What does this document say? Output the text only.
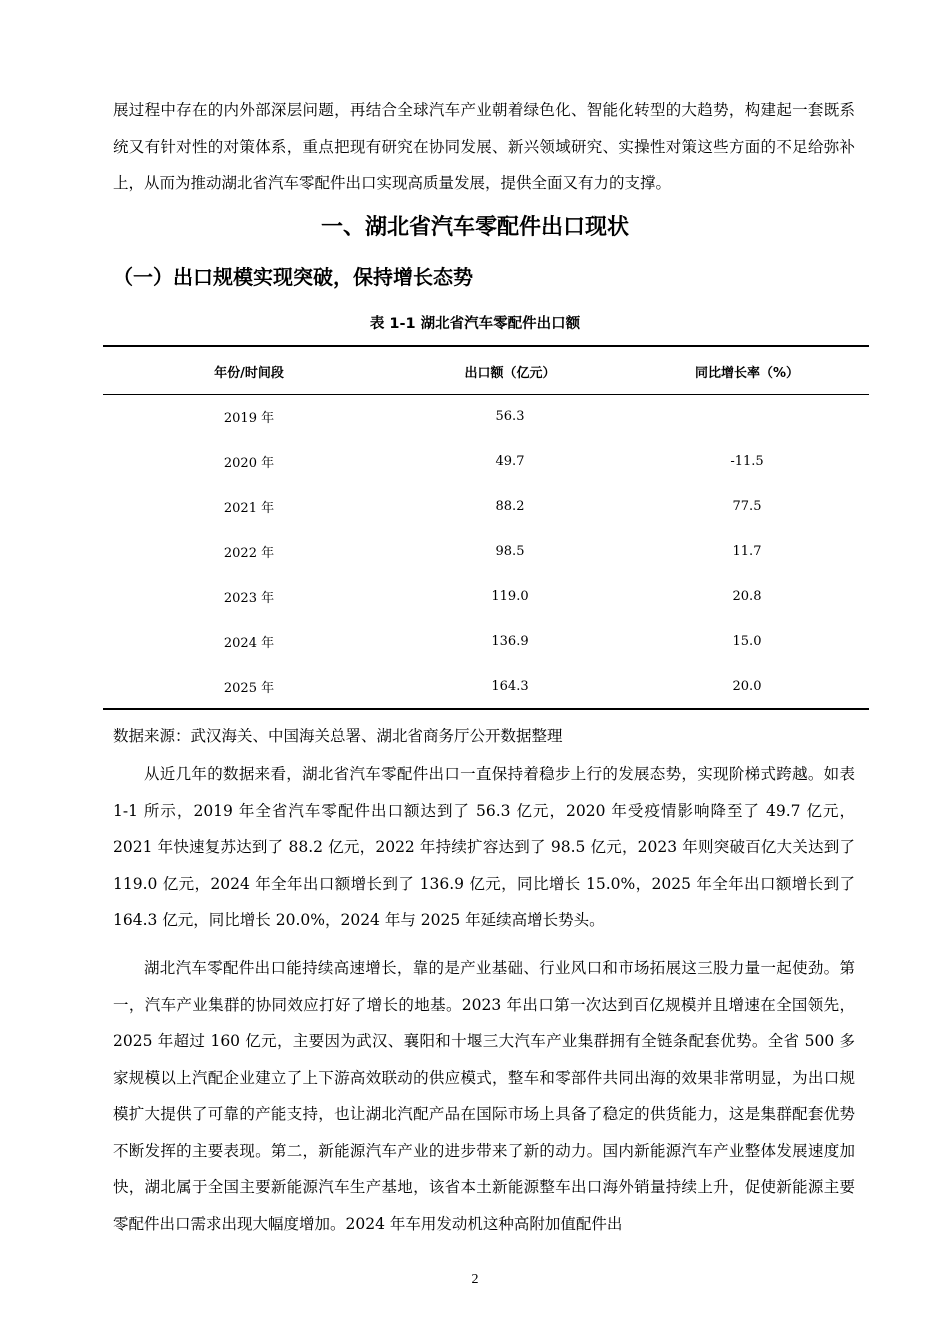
展过程中存在的内外部深层问题，再结合全球汽车产业朝着绿色化、智能化转型的大趋势，构建起一套既系统又有针对性的对策体系，重点把现有研究在协同发展、新兴领域研究、实操性对策这些方面的不足给弥补上，从而为推动湖北省汽车零配件出口实现高质量发展，提供全面又有力的支撑。

一、湖北省汽车零配件出口现状
（一）出口规模实现突破，保持增长态势
表 1-1 湖北省汽车零配件出口额
年份/时间段	出口额（亿元）	同比增长率（%）
2019 年	56.3	
2020 年	49.7	-11.5
2021 年	88.2	77.5
2022 年	98.5	11.7
2023 年	119.0	20.8
2024 年	136.9	15.0
2025 年	164.3	20.0

数据来源：武汉海关、中国海关总署、湖北省商务厅公开数据整理

从近几年的数据来看，湖北省汽车零配件出口一直保持着稳步上行的发展态势，实现阶梯式跨越。如表 1-1 所示，2019 年全省汽车零配件出口额达到了 56.3 亿元，2020 年受疫情影响降至了 49.7 亿元，2021 年快速复苏达到了 88.2 亿元，2022 年持续扩容达到了 98.5 亿元，2023 年则突破百亿大关达到了 119.0 亿元，2024 年全年出口额增长到了 136.9 亿元，同比增长 15.0%，2025 年全年出口额增长到了 164.3 亿元，同比增长 20.0%，2024 年与 2025 年延续高增长势头。

湖北汽车零配件出口能持续高速增长，靠的是产业基础、行业风口和市场拓展这三股力量一起使劲。第一，汽车产业集群的协同效应打好了增长的地基。2023 年出口第一次达到百亿规模并且增速在全国领先，2025 年超过 160 亿元，主要因为武汉、襄阳和十堰三大汽车产业集群拥有全链条配套优势。全省 500 多家规模以上汽配企业建立了上下游高效联动的供应模式，整车和零部件共同出海的效果非常明显，为出口规模扩大提供了可靠的产能支持，也让湖北汽配产品在国际市场上具备了稳定的供货能力，这是集群配套优势不断发挥的主要表现。第二，新能源汽车产业的进步带来了新的动力。国内新能源汽车产业整体发展速度加快，湖北属于全国主要新能源汽车生产基地，该省本土新能源整车出口海外销量持续上升，促使新能源主要零配件出口需求出现大幅度增加。2024 年车用发动机这种高附加值配件出

2
